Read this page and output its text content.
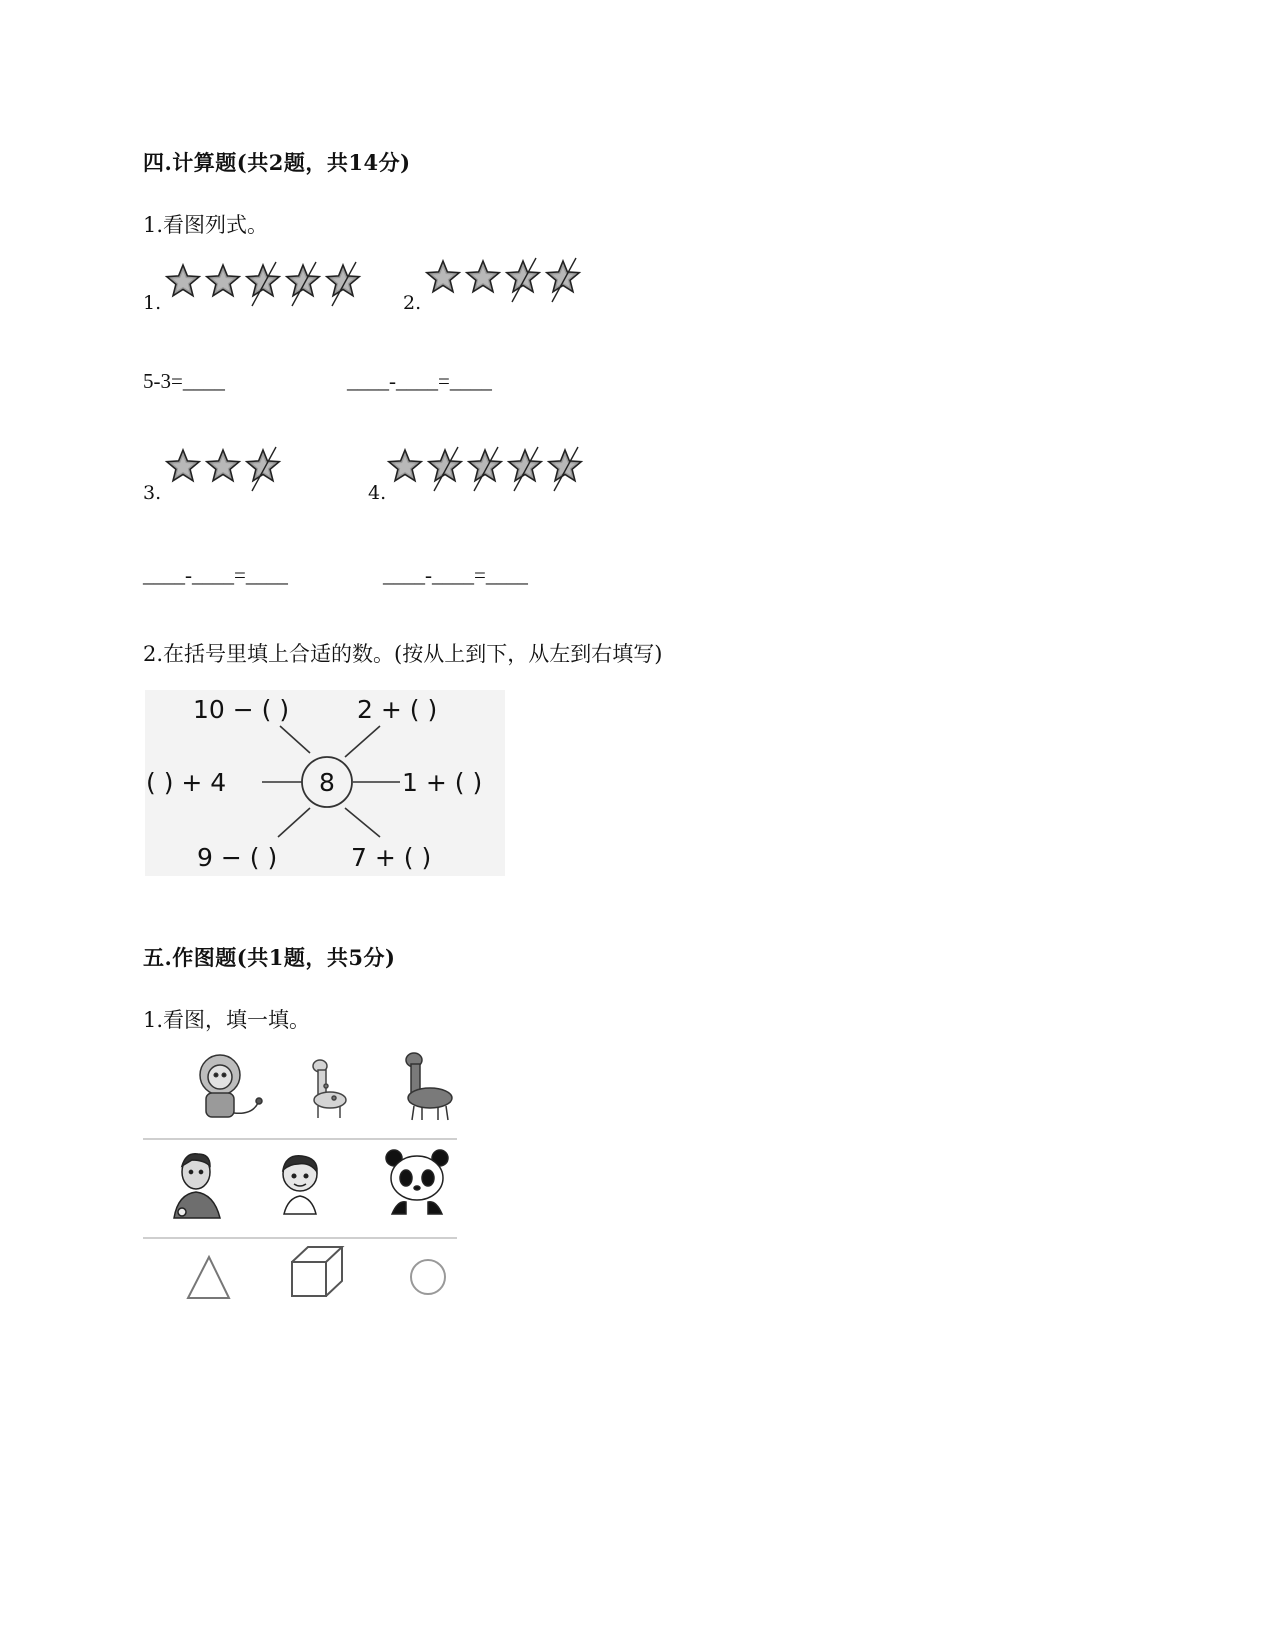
四.计算题(共2题，共14分)
1.看图列式。
1.	2.
3.	4.
5-3=____	____-____=____
____-____=____	____-____=____
2.在括号里填上合适的数。(按从上到下，从左到右填写)
8
10 − ( )	2 + ( )
( ) + 4	1 + ( )
9 − ( )	7 + ( )
五.作图题(共1题，共5分)
1.看图，填一填。
